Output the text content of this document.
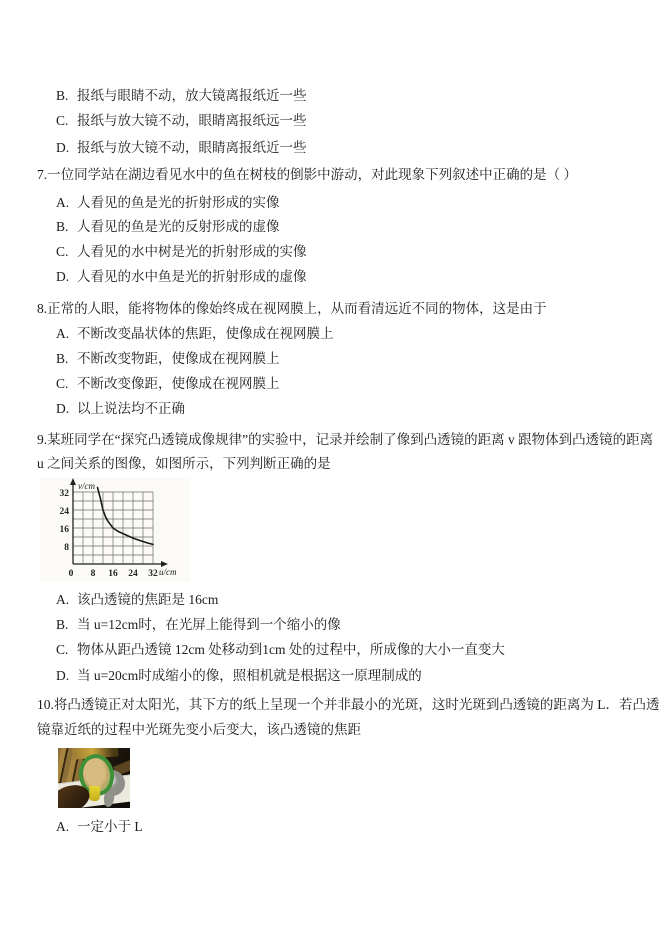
B. 报纸与眼睛不动，放大镜离报纸近一些
C. 报纸与放大镜不动，眼睛离报纸远一些
D. 报纸与放大镜不动，眼睛离报纸近一些
7.一位同学站在湖边看见水中的鱼在树枝的倒影中游动，对此现象下列叙述中正确的是（ ）
A. 人看见的鱼是光的折射形成的实像
B. 人看见的鱼是光的反射形成的虚像
C. 人看见的水中树是光的折射形成的实像
D. 人看见的水中鱼是光的折射形成的虚像
8.正常的人眼，能将物体的像始终成在视网膜上，从而看清远近不同的物体，这是由于
A. 不断改变晶状体的焦距，使像成在视网膜上
B. 不断改变物距，使像成在视网膜上
C. 不断改变像距，使像成在视网膜上
D. 以上说法均不正确
9.某班同学在“探究凸透镜成像规律”的实验中，记录并绘制了像到凸透镜的距离 v 跟物体到凸透镜的距离
u 之间关系的图像，如图所示，下列判断正确的是
v/cm
u/cm
32
24
16
8
0 8 16 24 32
A. 该凸透镜的焦距是 16cm
B. 当 u=12cm时，在光屏上能得到一个缩小的像
C. 物体从距凸透镜 12cm 处移动到1cm 处的过程中，所成像的大小一直变大
D. 当 u=20cm时成缩小的像，照相机就是根据这一原理制成的
10.将凸透镜正对太阳光，其下方的纸上呈现一个并非最小的光斑，这时光斑到凸透镜的距离为 L．若凸透
镜靠近纸的过程中光斑先变小后变大，该凸透镜的焦距
A. 一定小于 L
